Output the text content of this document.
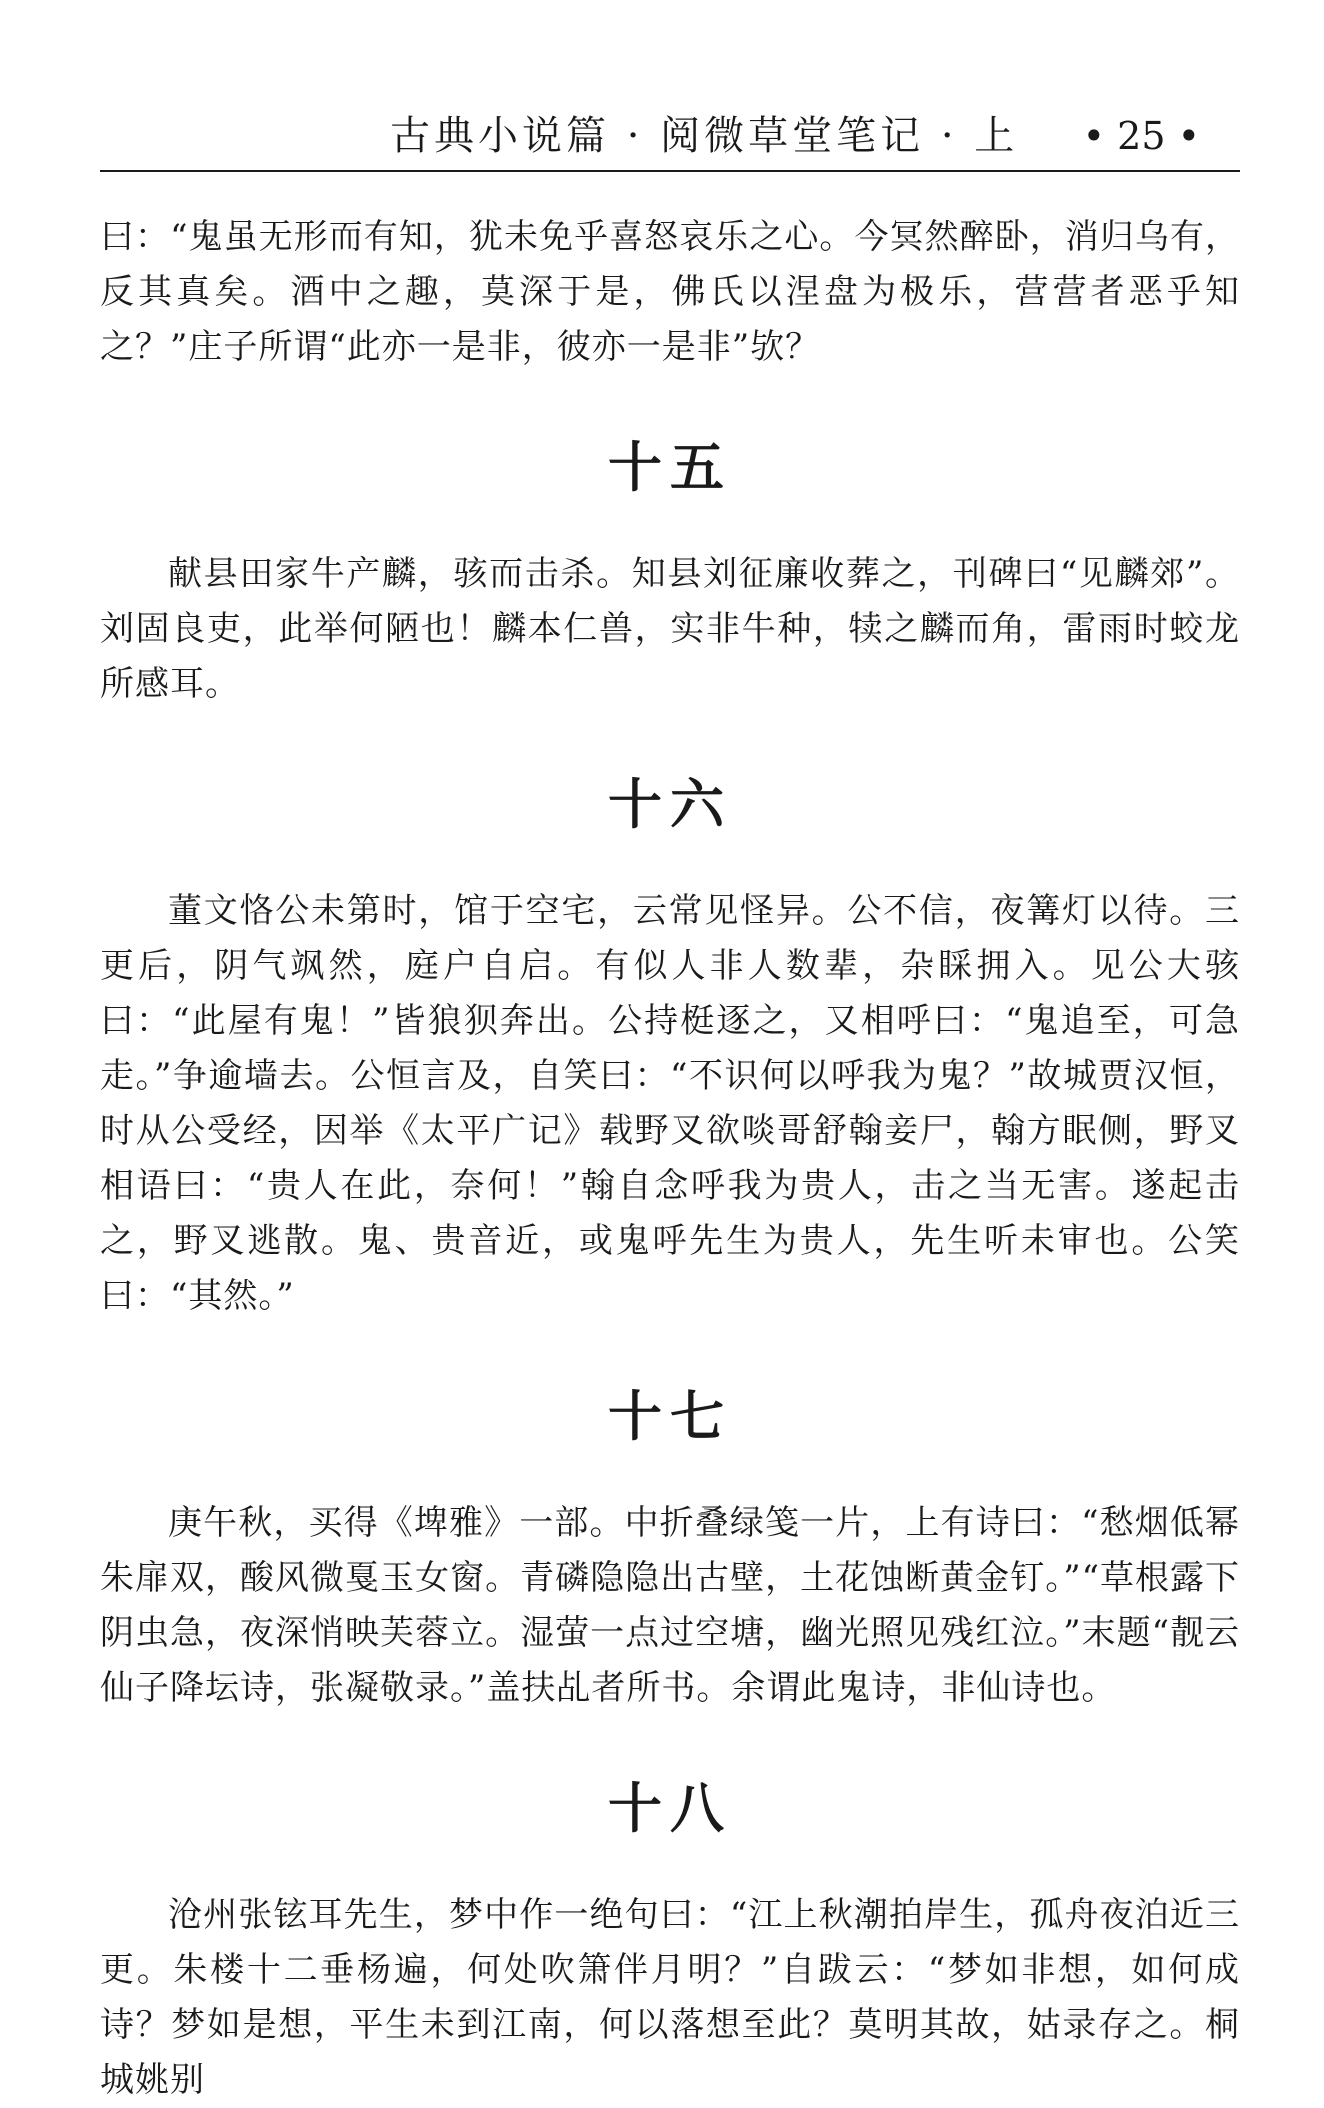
古典小说篇 · 阅微草堂笔记 · 上 • 25 •

曰：“鬼虽无形而有知，犹未免乎喜怒哀乐之心。今冥然醉卧，消归乌有，反其真矣。酒中之趣，莫深于是，佛氏以涅盘为极乐，营营者恶乎知之？”庄子所谓“此亦一是非，彼亦一是非”欤？

十五

献县田家牛产麟，骇而击杀。知县刘征廉收葬之，刊碑曰“见麟郊”。刘固良吏，此举何陋也！麟本仁兽，实非牛种，犊之麟而角，雷雨时蛟龙所感耳。

十六

董文恪公未第时，馆于空宅，云常见怪异。公不信，夜篝灯以待。三更后，阴气飒然，庭户自启。有似人非人数辈，杂睬拥入。见公大骇曰：“此屋有鬼！”皆狼狈奔出。公持梃逐之，又相呼曰：“鬼追至，可急走。”争逾墙去。公恒言及，自笑曰：“不识何以呼我为鬼？”故城贾汉恒，时从公受经，因举《太平广记》载野叉欲啖哥舒翰妾尸，翰方眠侧，野叉相语曰：“贵人在此，奈何！”翰自念呼我为贵人，击之当无害。遂起击之，野叉逃散。鬼、贵音近，或鬼呼先生为贵人，先生听未审也。公笑曰：“其然。”

十七

庚午秋，买得《埤雅》一部。中折叠绿笺一片，上有诗曰：“愁烟低幂朱扉双，酸风微戛玉女窗。青磷隐隐出古壁，土花蚀断黄金钉。”“草根露下阴虫急，夜深悄映芙蓉立。湿萤一点过空塘，幽光照见残红泣。”末题“靓云仙子降坛诗，张凝敬录。”盖扶乩者所书。余谓此鬼诗，非仙诗也。

十八

沧州张铉耳先生，梦中作一绝句曰：“江上秋潮拍岸生，孤舟夜泊近三更。朱楼十二垂杨遍，何处吹箫伴月明？”自跋云：“梦如非想，如何成诗？梦如是想，平生未到江南，何以落想至此？莫明其故，姑录存之。桐城姚别
